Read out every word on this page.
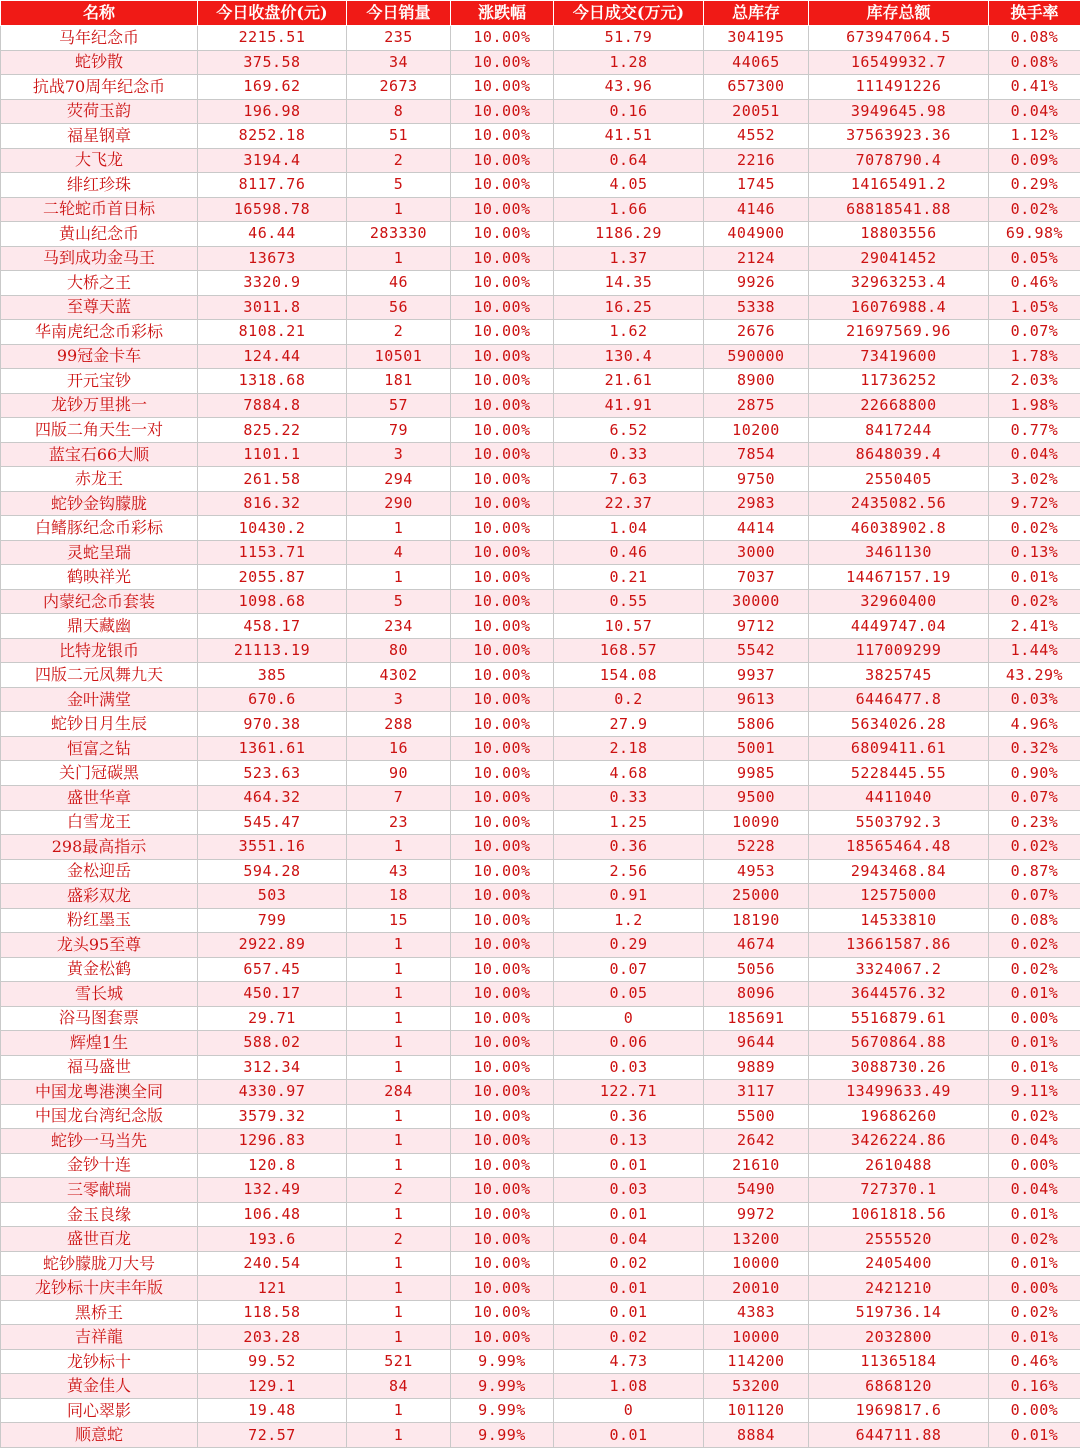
名称	今日收盘价(元)	今日销量	涨跌幅	今日成交(万元)	总库存	库存总额	换手率
马年纪念币	2215.51	235	10.00%	51.79	304195	673947064.5	0.08%
蛇钞散	375.58	34	10.00%	1.28	44065	16549932.7	0.08%
抗战70周年纪念币	169.62	2673	10.00%	43.96	657300	111491226	0.41%
荧荷玉韵	196.98	8	10.00%	0.16	20051	3949645.98	0.04%
福星钢章	8252.18	51	10.00%	41.51	4552	37563923.36	1.12%
大飞龙	3194.4	2	10.00%	0.64	2216	7078790.4	0.09%
绯红珍珠	8117.76	5	10.00%	4.05	1745	14165491.2	0.29%
二轮蛇币首日标	16598.78	1	10.00%	1.66	4146	68818541.88	0.02%
黄山纪念币	46.44	283330	10.00%	1186.29	404900	18803556	69.98%
马到成功金马王	13673	1	10.00%	1.37	2124	29041452	0.05%
大桥之王	3320.9	46	10.00%	14.35	9926	32963253.4	0.46%
至尊天蓝	3011.8	56	10.00%	16.25	5338	16076988.4	1.05%
华南虎纪念币彩标	8108.21	2	10.00%	1.62	2676	21697569.96	0.07%
99冠金卡车	124.44	10501	10.00%	130.4	590000	73419600	1.78%
开元宝钞	1318.68	181	10.00%	21.61	8900	11736252	2.03%
龙钞万里挑一	7884.8	57	10.00%	41.91	2875	22668800	1.98%
四版二角天生一对	825.22	79	10.00%	6.52	10200	8417244	0.77%
蓝宝石66大顺	1101.1	3	10.00%	0.33	7854	8648039.4	0.04%
赤龙王	261.58	294	10.00%	7.63	9750	2550405	3.02%
蛇钞金钩朦胧	816.32	290	10.00%	22.37	2983	2435082.56	9.72%
白鳍豚纪念币彩标	10430.2	1	10.00%	1.04	4414	46038902.8	0.02%
灵蛇呈瑞	1153.71	4	10.00%	0.46	3000	3461130	0.13%
鹤映祥光	2055.87	1	10.00%	0.21	7037	14467157.19	0.01%
内蒙纪念币套装	1098.68	5	10.00%	0.55	30000	32960400	0.02%
鼎天藏幽	458.17	234	10.00%	10.57	9712	4449747.04	2.41%
比特龙银币	21113.19	80	10.00%	168.57	5542	117009299	1.44%
四版二元凤舞九天	385	4302	10.00%	154.08	9937	3825745	43.29%
金叶满堂	670.6	3	10.00%	0.2	9613	6446477.8	0.03%
蛇钞日月生辰	970.38	288	10.00%	27.9	5806	5634026.28	4.96%
恒富之钻	1361.61	16	10.00%	2.18	5001	6809411.61	0.32%
关门冠碳黑	523.63	90	10.00%	4.68	9985	5228445.55	0.90%
盛世华章	464.32	7	10.00%	0.33	9500	4411040	0.07%
白雪龙王	545.47	23	10.00%	1.25	10090	5503792.3	0.23%
298最高指示	3551.16	1	10.00%	0.36	5228	18565464.48	0.02%
金松迎岳	594.28	43	10.00%	2.56	4953	2943468.84	0.87%
盛彩双龙	503	18	10.00%	0.91	25000	12575000	0.07%
粉红墨玉	799	15	10.00%	1.2	18190	14533810	0.08%
龙头95至尊	2922.89	1	10.00%	0.29	4674	13661587.86	0.02%
黄金松鹤	657.45	1	10.00%	0.07	5056	3324067.2	0.02%
雪长城	450.17	1	10.00%	0.05	8096	3644576.32	0.01%
浴马图套票	29.71	1	10.00%	0	185691	5516879.61	0.00%
辉煌1生	588.02	1	10.00%	0.06	9644	5670864.88	0.01%
福马盛世	312.34	1	10.00%	0.03	9889	3088730.26	0.01%
中国龙粤港澳全同	4330.97	284	10.00%	122.71	3117	13499633.49	9.11%
中国龙台湾纪念版	3579.32	1	10.00%	0.36	5500	19686260	0.02%
蛇钞一马当先	1296.83	1	10.00%	0.13	2642	3426224.86	0.04%
金钞十连	120.8	1	10.00%	0.01	21610	2610488	0.00%
三零献瑞	132.49	2	10.00%	0.03	5490	727370.1	0.04%
金玉良缘	106.48	1	10.00%	0.01	9972	1061818.56	0.01%
盛世百龙	193.6	2	10.00%	0.04	13200	2555520	0.02%
蛇钞朦胧刀大号	240.54	1	10.00%	0.02	10000	2405400	0.01%
龙钞标十庆丰年版	121	1	10.00%	0.01	20010	2421210	0.00%
黑桥王	118.58	1	10.00%	0.01	4383	519736.14	0.02%
吉祥龍	203.28	1	10.00%	0.02	10000	2032800	0.01%
龙钞标十	99.52	521	9.99%	4.73	114200	11365184	0.46%
黄金佳人	129.1	84	9.99%	1.08	53200	6868120	0.16%
同心翠影	19.48	1	9.99%	0	101120	1969817.6	0.00%
顺意蛇	72.57	1	9.99%	0.01	8884	644711.88	0.01%
